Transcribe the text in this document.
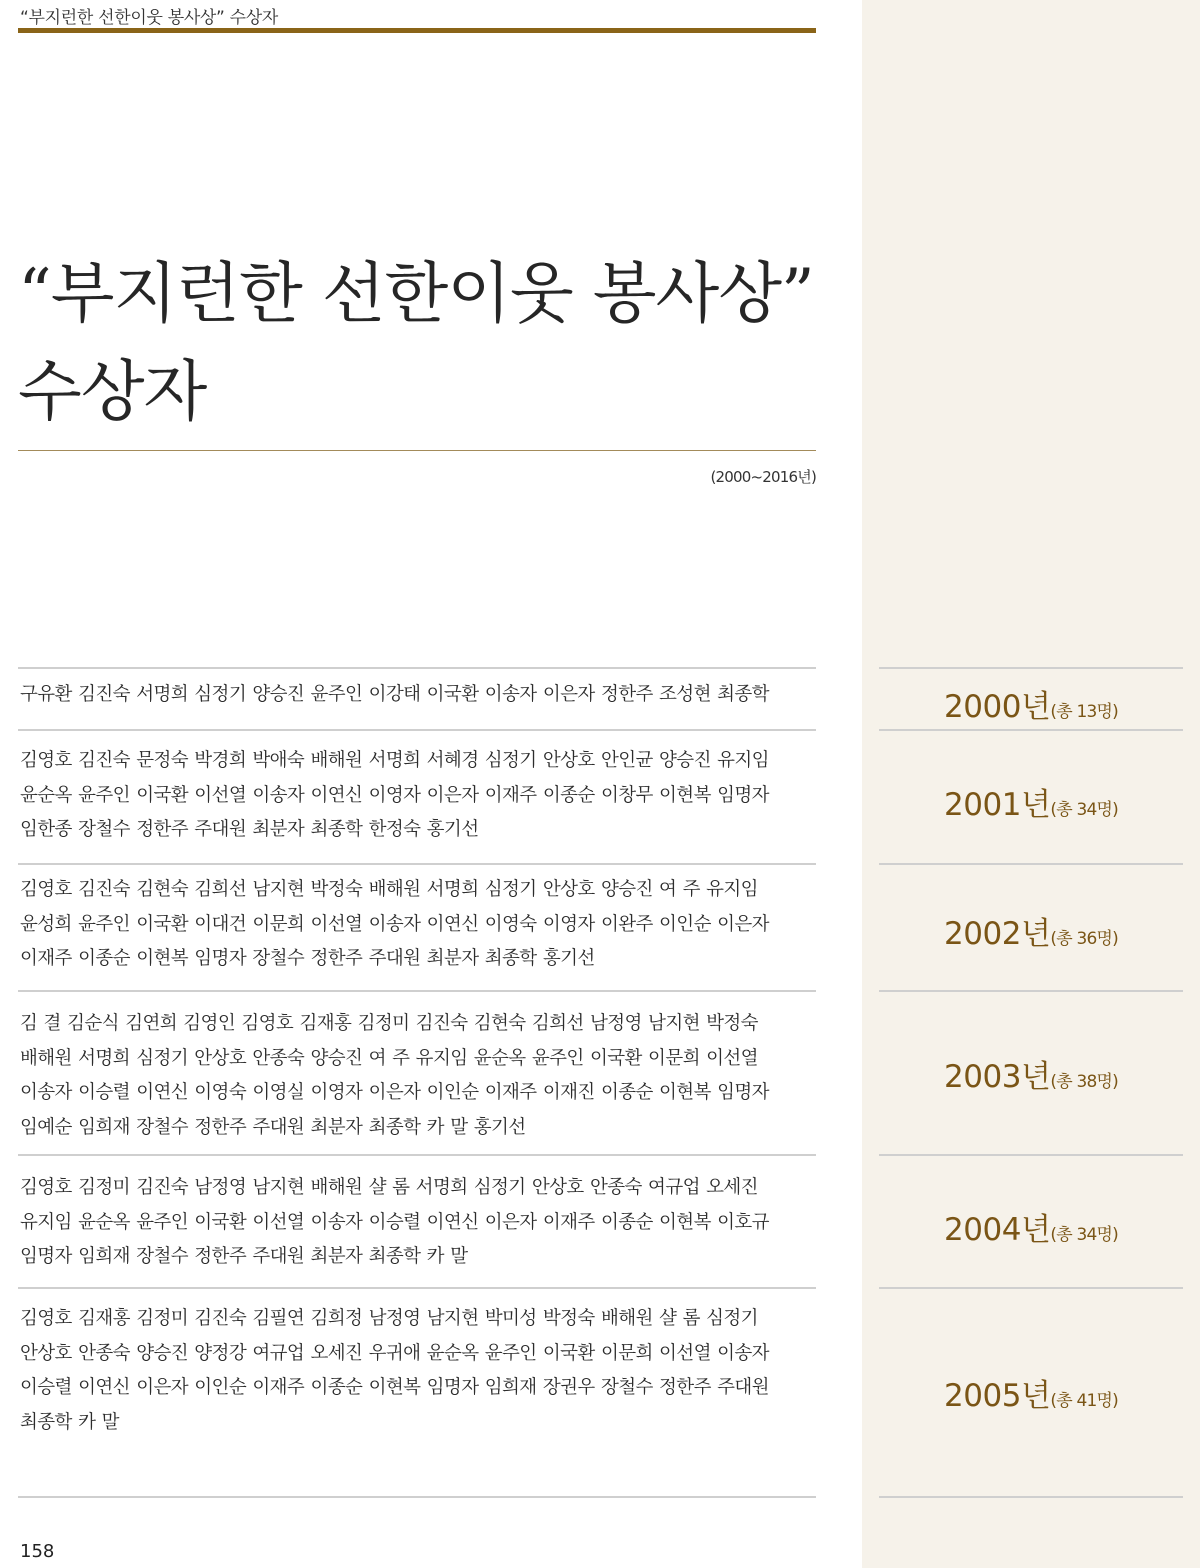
“부지런한 선한이웃 봉사상” 수상자
“부지런한 선한이웃 봉사상”
수상자
(2000~2016년)
구유환 김진숙 서명희 심정기 양승진 윤주인 이강태 이국환 이송자 이은자 정한주 조성현 최종학	2000년(총 13명)
김영호 김진숙 문정숙 박경희 박애숙 배해원 서명희 서혜경 심정기 안상호 안인균 양승진 유지임
윤순옥 윤주인 이국환 이선열 이송자 이연신 이영자 이은자 이재주 이종순 이창무 이현복 임명자
임한종 장철수 정한주 주대원 최분자 최종학 한정숙 홍기선
2001년(총 34명)
김영호 김진숙 김현숙 김희선 남지현 박정숙 배해원 서명희 심정기 안상호 양승진 여 주 유지임
윤성희 윤주인 이국환 이대건 이문희 이선열 이송자 이연신 이영숙 이영자 이완주 이인순 이은자
이재주 이종순 이현복 임명자 장철수 정한주 주대원 최분자 최종학 홍기선
2002년(총 36명)
김 결 김순식 김연희 김영인 김영호 김재홍 김정미 김진숙 김현숙 김희선 남정영 남지현 박정숙
배해원 서명희 심정기 안상호 안종숙 양승진 여 주 유지임 윤순옥 윤주인 이국환 이문희 이선열
이송자 이승렬 이연신 이영숙 이영실 이영자 이은자 이인순 이재주 이재진 이종순 이현복 임명자
임예순 임희재 장철수 정한주 주대원 최분자 최종학 카 말 홍기선
2003년(총 38명)
김영호 김정미 김진숙 남정영 남지현 배해원 샬 롬 서명희 심정기 안상호 안종숙 여규업 오세진
유지임 윤순옥 윤주인 이국환 이선열 이송자 이승렬 이연신 이은자 이재주 이종순 이현복 이호규
임명자 임희재 장철수 정한주 주대원 최분자 최종학 카 말
2004년(총 34명)
김영호 김재홍 김정미 김진숙 김필연 김희정 남정영 남지현 박미성 박정숙 배해원 샬 롬 심정기
안상호 안종숙 양승진 양정강 여규업 오세진 우귀애 윤순옥 윤주인 이국환 이문희 이선열 이송자
이승렬 이연신 이은자 이인순 이재주 이종순 이현복 임명자 임희재 장권우 장철수 정한주 주대원
최종학 카 말
2005년(총 41명)
158
